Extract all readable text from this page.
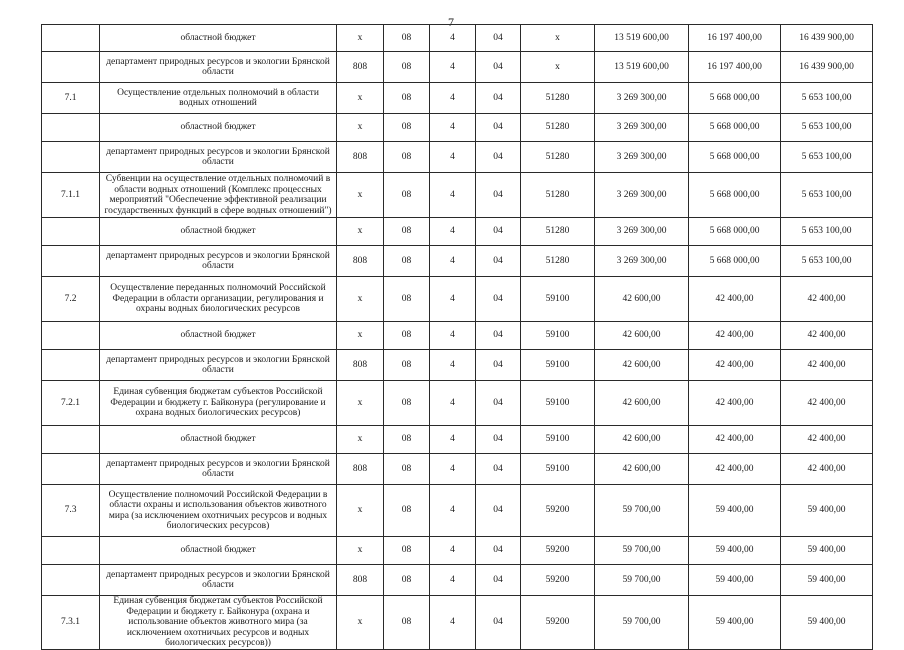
7
	областной бюджет	x	08	4	04	x	13 519 600,00	16 197 400,00	16 439 900,00
	департамент природных ресурсов и экологии Брянской области	808	08	4	04	x	13 519 600,00	16 197 400,00	16 439 900,00
7.1	Осуществление отдельных полномочий в области водных отношений	x	08	4	04	51280	3 269 300,00	5 668 000,00	5 653 100,00
	областной бюджет	x	08	4	04	51280	3 269 300,00	5 668 000,00	5 653 100,00
	департамент природных ресурсов и экологии Брянской области	808	08	4	04	51280	3 269 300,00	5 668 000,00	5 653 100,00
7.1.1	Субвенции на осуществление отдельных полномочий в области водных отношений (Комплекс процессных мероприятий "Обеспечение эффективной реализации государственных функций в сфере водных отношений")	x	08	4	04	51280	3 269 300,00	5 668 000,00	5 653 100,00
	областной бюджет	x	08	4	04	51280	3 269 300,00	5 668 000,00	5 653 100,00
	департамент природных ресурсов и экологии Брянской области	808	08	4	04	51280	3 269 300,00	5 668 000,00	5 653 100,00
7.2	Осуществление переданных полномочий Российской Федерации в области организации, регулирования и охраны водных биологических ресурсов	x	08	4	04	59100	42 600,00	42 400,00	42 400,00
	областной бюджет	x	08	4	04	59100	42 600,00	42 400,00	42 400,00
	департамент природных ресурсов и экологии Брянской области	808	08	4	04	59100	42 600,00	42 400,00	42 400,00
7.2.1	Единая субвенция бюджетам субъектов Российской Федерации и бюджету г. Байконура (регулирование и охрана водных биологических ресурсов)	x	08	4	04	59100	42 600,00	42 400,00	42 400,00
	областной бюджет	x	08	4	04	59100	42 600,00	42 400,00	42 400,00
	департамент природных ресурсов и экологии Брянской области	808	08	4	04	59100	42 600,00	42 400,00	42 400,00
7.3	Осуществление полномочий Российской Федерации в области охраны и использования объектов животного мира (за исключением охотничьих ресурсов и водных биологических ресурсов)	x	08	4	04	59200	59 700,00	59 400,00	59 400,00
	областной бюджет	x	08	4	04	59200	59 700,00	59 400,00	59 400,00
	департамент природных ресурсов и экологии Брянской области	808	08	4	04	59200	59 700,00	59 400,00	59 400,00
7.3.1	Единая субвенция бюджетам субъектов Российской Федерации и бюджету г. Байконура (охрана и использование объектов животного мира (за исключением охотничьих ресурсов и водных биологических ресурсов))	x	08	4	04	59200	59 700,00	59 400,00	59 400,00
